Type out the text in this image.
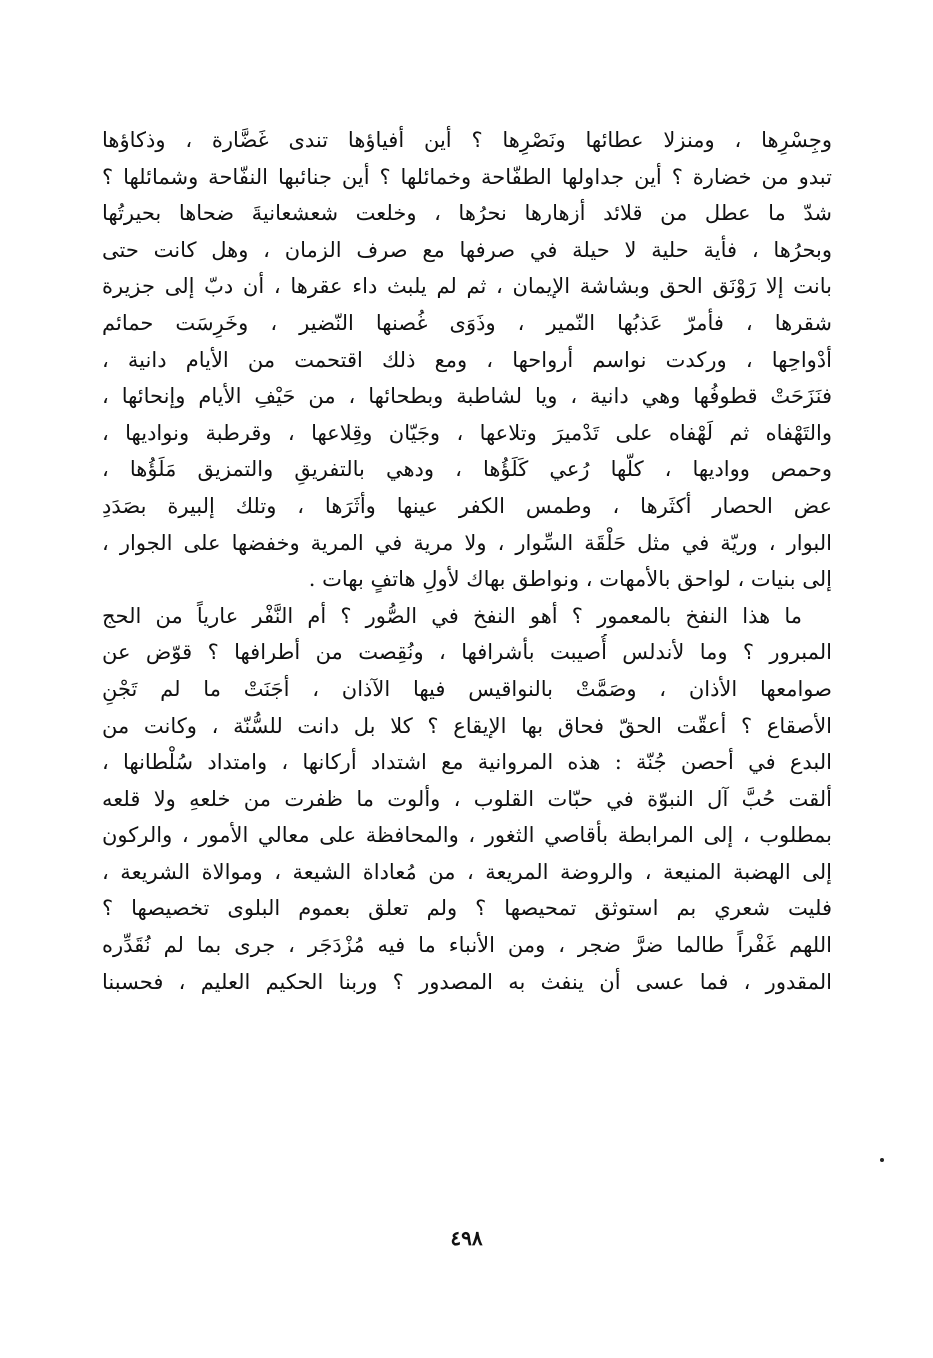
وجِسْرِها ، ومنزلا عطائها ونَصْرِها ؟ أين أفياؤها تندى غَضَّارة ، وذكاؤها
تبدو من خضارة ؟ أين جداولها الطفّاحة وخمائلها ؟ أين جنائبها النفّاحة وشمائلها ؟
شدّ ما عطل من قلائد أزهارها نحرُها ، وخلعت شعشعانيةَ ضحاها بحيرتُها
وبحرُها ، فأية حلية لا حيلة في صرفها مع صرف الزمان ، وهل كانت حتى
بانت إلا رَوْنَق الحق وبشاشة الإيمان ، ثم لم يلبث داء عقرها ، أن دبّ إلى جزيرة
شقرها ، فأمرّ عَذبُها النّمير ، وذَوَى غُصنها النّضير ، وخَرِسَت حمائم
أدْواحِها ، وركدت نواسم أرواحها ، ومع ذلك اقتحمت من الأيام دانية ،
فنَزَحَتْ قطوفُها وهي دانية ، ويا لشاطبة وبطحائها ، من حَيْفِ الأيام وإنحائها ،
والتَهْفاه ثم لَهْفاه على تَدْميرَ وتلاعها ، وجَيّان وقِلاعها ، وقرطبة ونواديها ،
وحمص وواديها ، كلّها رُعي كَلَؤُها ، ودهي بالتفريقِ والتمزيق مَلَؤُها ،
عض الحصار أكثَرها ، وطمس الكفر عينها وأثَرَها ، وتلك إلبيرة بصَدَدِ
البوار ، وريّة في مثل حَلْقَة السِّوار ، ولا مرية في المرية وخفضها على الجوار ،
إلى بنيات ، لواحق بالأمهات ، ونواطق بهاك لأولِ هاتفٍ بهات .
ما هذا النفخ بالمعمور ؟ أهو النفخ في الصُّور ؟ أم النَّفْر عارياً من الحج
المبرور ؟ وما لأندلس أُصيبت بأشرافها ، ونُقِصت من أطرافها ؟ قوّض عن
صوامعها الأذان ، وصَمَّتْ بالنواقيس فيها الآذان ، أجَنَتْ ما لم تَجْنِ
الأصقاع ؟ أعقّت الحقّ فحاق بها الإيقاع ؟ كلا بل دانت للسُّنّة ، وكانت من
البدع في أحصن جُنّة : هذه المروانية مع اشتداد أركانها ، وامتداد سُلْطانها ،
ألقت حُبَّ آل النبوّة في حبّات القلوب ، وألوت ما ظفرت من خلعهِ ولا قلعه
بمطلوب ، إلى المرابطة بأقاصي الثغور ، والمحافظة على معالي الأمور ، والركون
إلى الهضبة المنيعة ، والروضة المريعة ، من مُعاداة الشيعة ، وموالاة الشريعة ،
فليت شعري بم استوثق تمحيصها ؟ ولم تعلق بعموم البلوى تخصيصها ؟
اللهم غَفْراً طالما ضرَّ ضجر ، ومن الأنباء ما فيه مُزْدَجَر ، جرى بما لم نُقَدِّره
المقدور ، فما عسى أن ينفث به المصدور ؟ وربنا الحكيم العليم ، فحسبنا
٤٩٨
